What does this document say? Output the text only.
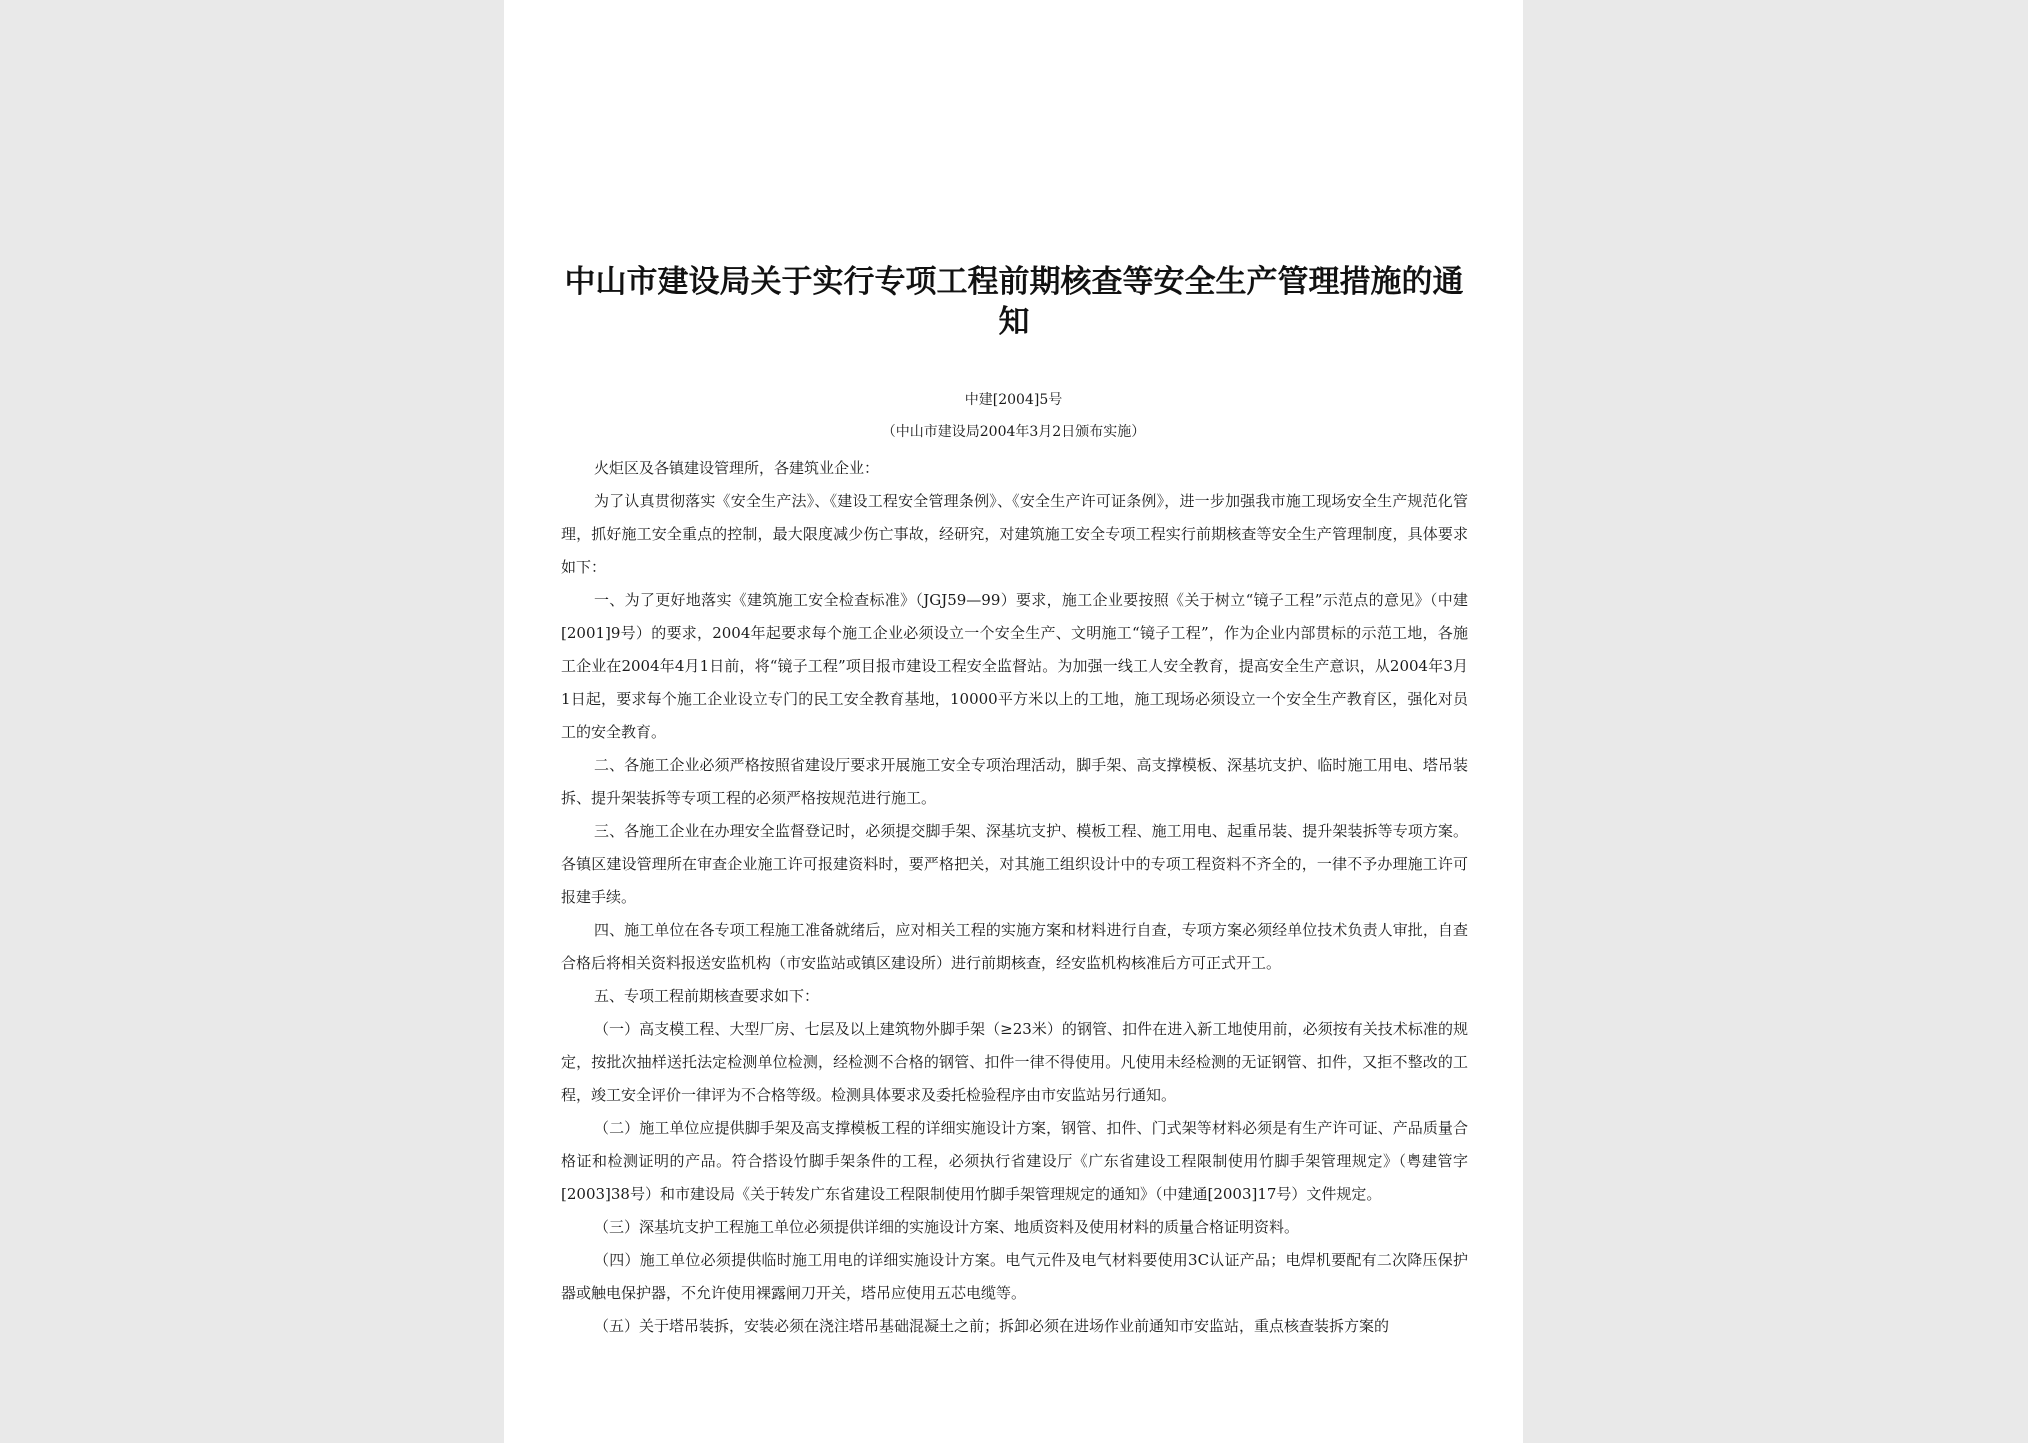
中山市建设局关于实行专项工程前期核查等安全生产管理措施的通知
中建[2004]5号
（中山市建设局2004年3月2日颁布实施）

火炬区及各镇建设管理所，各建筑业企业：

为了认真贯彻落实《安全生产法》、《建设工程安全管理条例》、《安全生产许可证条例》，进一步加强我市施工现场安全生产规范化管理，抓好施工安全重点的控制，最大限度减少伤亡事故，经研究，对建筑施工安全专项工程实行前期核查等安全生产管理制度，具体要求如下：

一、为了更好地落实《建筑施工安全检查标准》（JGJ59—99）要求，施工企业要按照《关于树立“镜子工程”示范点的意见》（中建[2001]9号）的要求，2004年起要求每个施工企业必须设立一个安全生产、文明施工“镜子工程”，作为企业内部贯标的示范工地，各施工企业在2004年4月1日前，将“镜子工程”项目报市建设工程安全监督站。为加强一线工人安全教育，提高安全生产意识，从2004年3月1日起，要求每个施工企业设立专门的民工安全教育基地，10000平方米以上的工地，施工现场必须设立一个安全生产教育区，强化对员工的安全教育。

二、各施工企业必须严格按照省建设厅要求开展施工安全专项治理活动，脚手架、高支撑模板、深基坑支护、临时施工用电、塔吊装拆、提升架装拆等专项工程的必须严格按规范进行施工。

三、各施工企业在办理安全监督登记时，必须提交脚手架、深基坑支护、模板工程、施工用电、起重吊装、提升架装拆等专项方案。各镇区建设管理所在审查企业施工许可报建资料时，要严格把关，对其施工组织设计中的专项工程资料不齐全的，一律不予办理施工许可报建手续。

四、施工单位在各专项工程施工准备就绪后，应对相关工程的实施方案和材料进行自查，专项方案必须经单位技术负责人审批，自查合格后将相关资料报送安监机构（市安监站或镇区建设所）进行前期核查，经安监机构核准后方可正式开工。

五、专项工程前期核查要求如下：

（一）高支模工程、大型厂房、七层及以上建筑物外脚手架（≥23米）的钢管、扣件在进入新工地使用前，必须按有关技术标准的规定，按批次抽样送托法定检测单位检测，经检测不合格的钢管、扣件一律不得使用。凡使用未经检测的无证钢管、扣件，又拒不整改的工程，竣工安全评价一律评为不合格等级。检测具体要求及委托检验程序由市安监站另行通知。

（二）施工单位应提供脚手架及高支撑模板工程的详细实施设计方案，钢管、扣件、门式架等材料必须是有生产许可证、产品质量合格证和检测证明的产品。符合搭设竹脚手架条件的工程，必须执行省建设厅《广东省建设工程限制使用竹脚手架管理规定》（粤建管字[2003]38号）和市建设局《关于转发广东省建设工程限制使用竹脚手架管理规定的通知》（中建通[2003]17号）文件规定。

（三）深基坑支护工程施工单位必须提供详细的实施设计方案、地质资料及使用材料的质量合格证明资料。

（四）施工单位必须提供临时施工用电的详细实施设计方案。电气元件及电气材料要使用3C认证产品；电焊机要配有二次降压保护器或触电保护器，不允许使用裸露闸刀开关，塔吊应使用五芯电缆等。

（五）关于塔吊装拆，安装必须在浇注塔吊基础混凝土之前；拆卸必须在进场作业前通知市安监站，重点核查装拆方案的
